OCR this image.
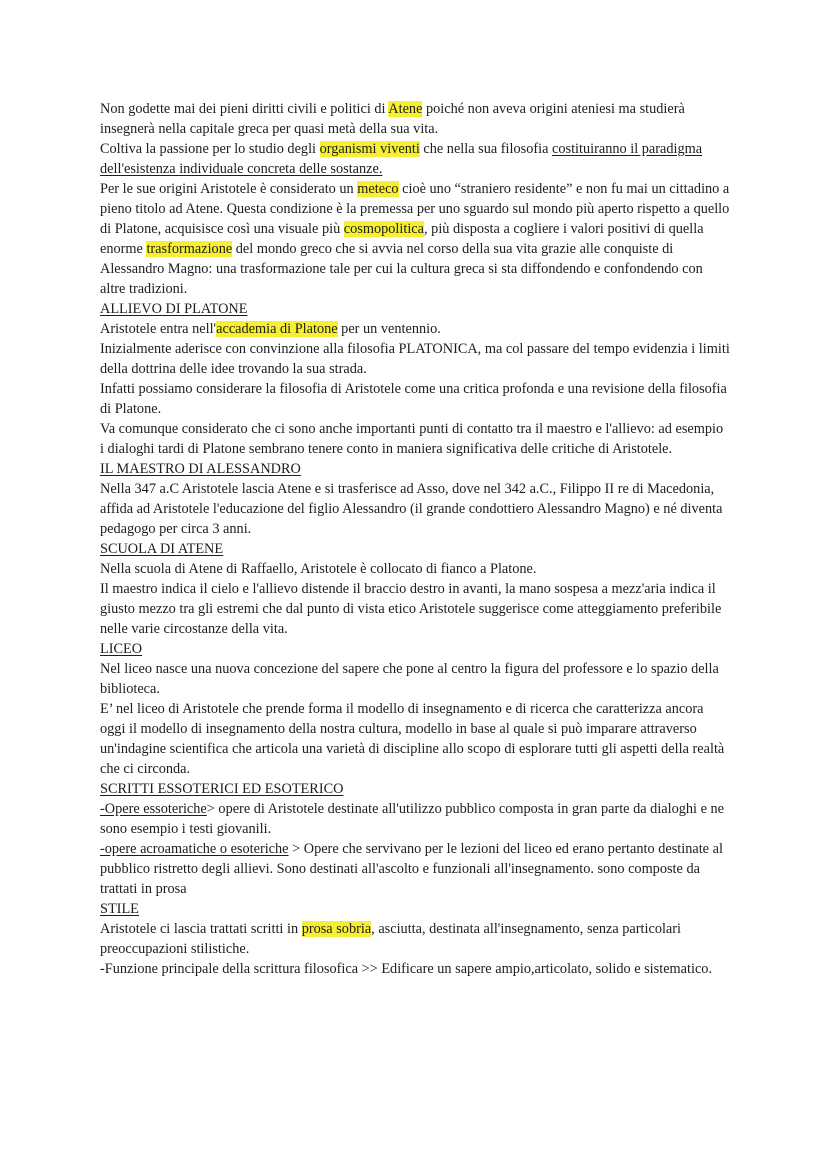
Non godette mai dei pieni diritti civili e politici di Atene poiché non aveva origini ateniesi ma studierà insegnerà nella capitale greca per quasi metà della sua vita.

Coltiva la passione per lo studio degli organismi viventi che nella sua filosofia costituiranno il paradigma dell'esistenza individuale concreta delle sostanze.

Per le sue origini Aristotele è considerato un meteco cioè uno “straniero residente” e non fu mai un cittadino a pieno titolo ad Atene. Questa condizione è la premessa per uno sguardo sul mondo più aperto rispetto a quello di Platone, acquisisce così una visuale più cosmopolitica, più disposta a cogliere i valori positivi di quella enorme trasformazione del mondo greco che si avvia nel corso della sua vita grazie alle conquiste di Alessandro Magno: una trasformazione tale per cui la cultura greca si sta diffondendo e confondendo con altre tradizioni.

ALLIEVO DI PLATONE

Aristotele entra nell'accademia di Platone per un ventennio.

Inizialmente aderisce con convinzione alla filosofia PLATONICA, ma col passare del tempo evidenzia i limiti della dottrina delle idee trovando la sua strada.

Infatti possiamo considerare la filosofia di Aristotele come una critica profonda e una revisione della filosofia di Platone.

Va comunque considerato che ci sono anche importanti punti di contatto tra il maestro e l'allievo: ad esempio i dialoghi tardi di Platone sembrano tenere conto in maniera significativa delle critiche di Aristotele.

IL MAESTRO DI ALESSANDRO

Nella 347 a.C Aristotele lascia Atene e si trasferisce ad Asso, dove nel 342 a.C., Filippo II re di Macedonia, affida ad Aristotele l'educazione del figlio Alessandro (il grande condottiero Alessandro Magno) e né diventa pedagogo per circa 3 anni.

SCUOLA DI ATENE

Nella scuola di Atene di Raffaello, Aristotele è collocato di fianco a Platone.

Il maestro indica il cielo e l'allievo distende il braccio destro in avanti, la mano sospesa a mezz'aria indica il giusto mezzo tra gli estremi che dal punto di vista etico Aristotele suggerisce come atteggiamento preferibile nelle varie circostanze della vita.

LICEO

Nel liceo nasce una nuova concezione del sapere che pone al centro la figura del professore e lo spazio della biblioteca.

E’ nel liceo di Aristotele che prende forma il modello di insegnamento e di ricerca che caratterizza ancora oggi il modello di insegnamento della nostra cultura, modello in base al quale si può imparare attraverso un'indagine scientifica che articola una varietà di discipline allo scopo di esplorare tutti gli aspetti della realtà che ci circonda.

SCRITTI ESSOTERICI ED ESOTERICO

-Opere essoteriche> opere di Aristotele destinate all'utilizzo pubblico composta in gran parte da dialoghi e ne sono esempio i testi giovanili.

-opere acroamatiche o esoteriche > Opere che servivano per le lezioni del liceo ed erano pertanto destinate al pubblico ristretto degli allievi. Sono destinati all'ascolto e funzionali all'insegnamento. sono composte da trattati in prosa

STILE

Aristotele ci lascia trattati scritti in prosa sobria, asciutta, destinata all'insegnamento, senza particolari preoccupazioni stilistiche.

-Funzione principale della scrittura filosofica >> Edificare un sapere ampio,articolato, solido e sistematico.
